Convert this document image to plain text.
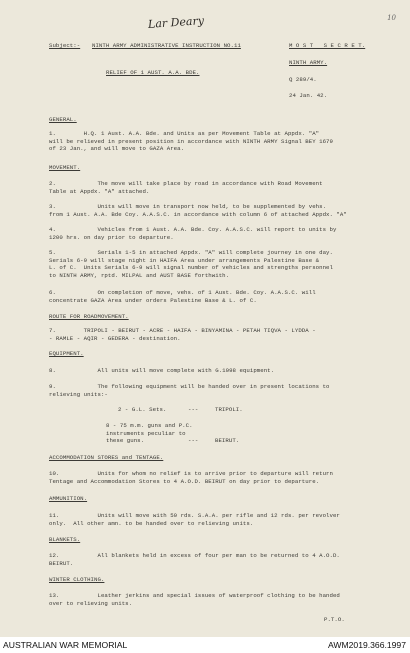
Lar Deary	10
Subject:- NINTH ARMY ADMINISTRATIVE INSTRUCTION NO.11	M O S T   S E C R E T.
RELIEF OF 1 AUST. A.A. BDE.
NINTH ARMY.
Q 289/4.
24 Jan. 42.
GENERAL.
1.        H.Q. 1 Aust. A.A. Bde. and Units as per Movement Table at Appdx. "A"
will be relieved in present position in accordance with NINTH ARMY Signal BEY 1679
of 23 Jan., and will move to GAZA Area.
MOVEMENT.
2.            The move will take place by road in accordance with Road Movement
Table at Appdx. "A" attached.
3.            Units will move in transport now held, to be supplemented by vehs.
from 1 Aust. A.A. Bde Coy. A.A.S.C. in accordance with column 6 of attached Appdx. "A"
4.            Vehicles from 1 Aust. A.A. Bde. Coy. A.A.S.C. will report to units by
1200 hrs. on day prior to departure.
5.            Serials 1-5 in attached Appdx. "A" will complete journey in one day.
Serials 6-9 will stage night in HAIFA Area under arrangements Palestine Base &
L. of C.  Units Serials 6-9 will signal number of vehicles and strengths personnel
to NINTH ARMY, rptd. MILPAL and AUST BASE forthwith.
6.            On completion of move, vehs. of 1 Aust. Bde. Coy. A.A.S.C. will
concentrate GAZA Area under orders Palestine Base & L. of C.
ROUTE FOR ROADMOVEMENT.
7.        TRIPOLI - BEIRUT - ACRE - HAIFA - BINYAMINA - PETAH TIQVA - LYDDA -
- RAMLE - AQIR - GEDERA - destination.
EQUIPMENT.
8.            All units will move complete with G.1098 equipment.
9.            The following equipment will be handed over in present locations to
relieving units:-
2 - G.L. Sets.	---	TRIPOLI.
8 - 75 m.m. guns and P.C.
instruments peculiar to
these guns.	---	BEIRUT.
ACCOMMODATION STORES and TENTAGE.
10.           Units for whom no relief is to arrive prior to departure will return
Tentage and Accommodation Stores to 4 A.O.D. BEIRUT on day prior to departure.
AMMUNITION.
11.           Units will move with 50 rds. S.A.A. per rifle and 12 rds. per revolver
only.  All other amn. to be handed over to relieving units.
BLANKETS.
12.           All blankets held in excess of four per man to be returned to 4 A.O.D.
BEIRUT.
WINTER CLOTHING.
13.           Leather jerkins and special issues of waterproof clothing to be handed
over to relieving units.
P.T.O.
AUSTRALIAN WAR MEMORIAL	AWM2019.366.1997
